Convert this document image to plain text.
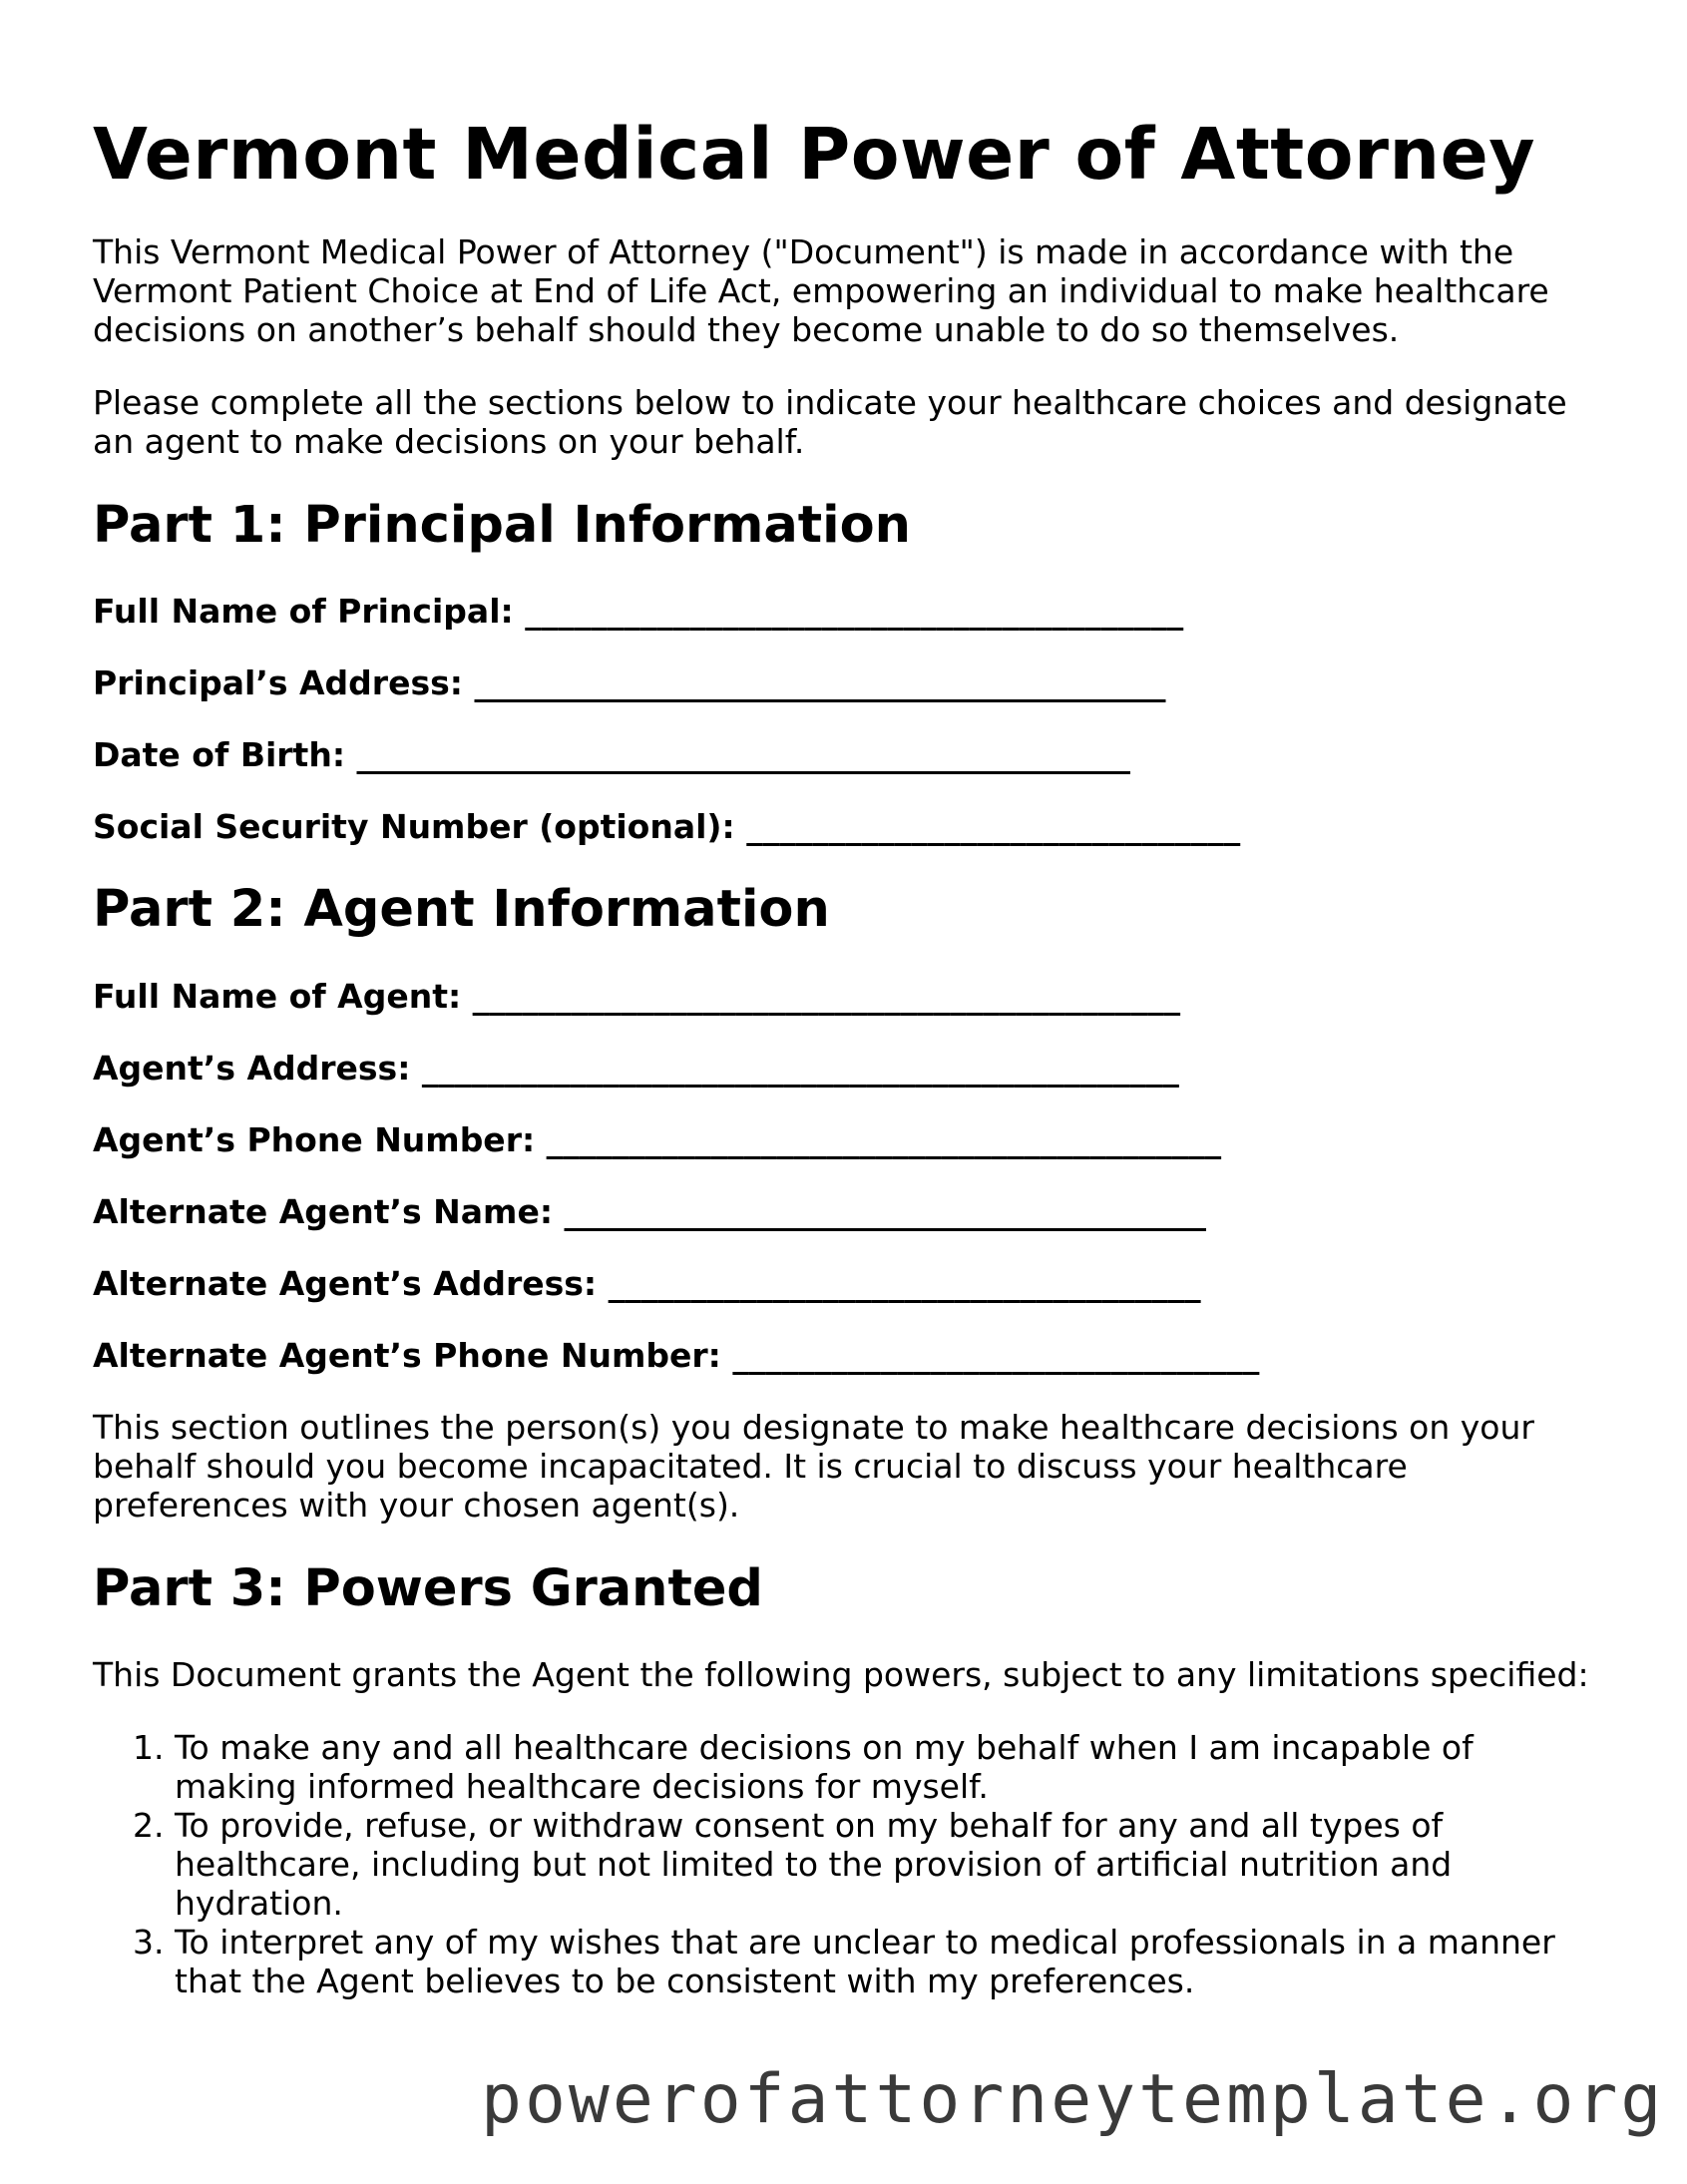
Vermont Medical Power of Attorney

This Vermont Medical Power of Attorney ("Document") is made in accordance with the Vermont Patient Choice at End of Life Act, empowering an individual to make healthcare decisions on another’s behalf should they become unable to do so themselves.

Please complete all the sections below to indicate your healthcare choices and designate an agent to make decisions on your behalf.

Part 1: Principal Information
Full Name of Principal: ________________________________________
Principal’s Address: __________________________________________
Date of Birth: _______________________________________________
Social Security Number (optional): ______________________________
Part 2: Agent Information
Full Name of Agent: ___________________________________________
Agent’s Address: ______________________________________________
Agent’s Phone Number: _________________________________________
Alternate Agent’s Name: _______________________________________
Alternate Agent’s Address: ____________________________________
Alternate Agent’s Phone Number: ________________________________

This section outlines the person(s) you designate to make healthcare decisions on your behalf should you become incapacitated. It is crucial to discuss your healthcare preferences with your chosen agent(s).

Part 3: Powers Granted

This Document grants the Agent the following powers, subject to any limitations specified:

1. To make any and all healthcare decisions on my behalf when I am incapable of making informed healthcare decisions for myself.
2. To provide, refuse, or withdraw consent on my behalf for any and all types of healthcare, including but not limited to the provision of artificial nutrition and hydration.
3. To interpret any of my wishes that are unclear to medical professionals in a manner that the Agent believes to be consistent with my preferences.
powerofattorneytemplate.org
